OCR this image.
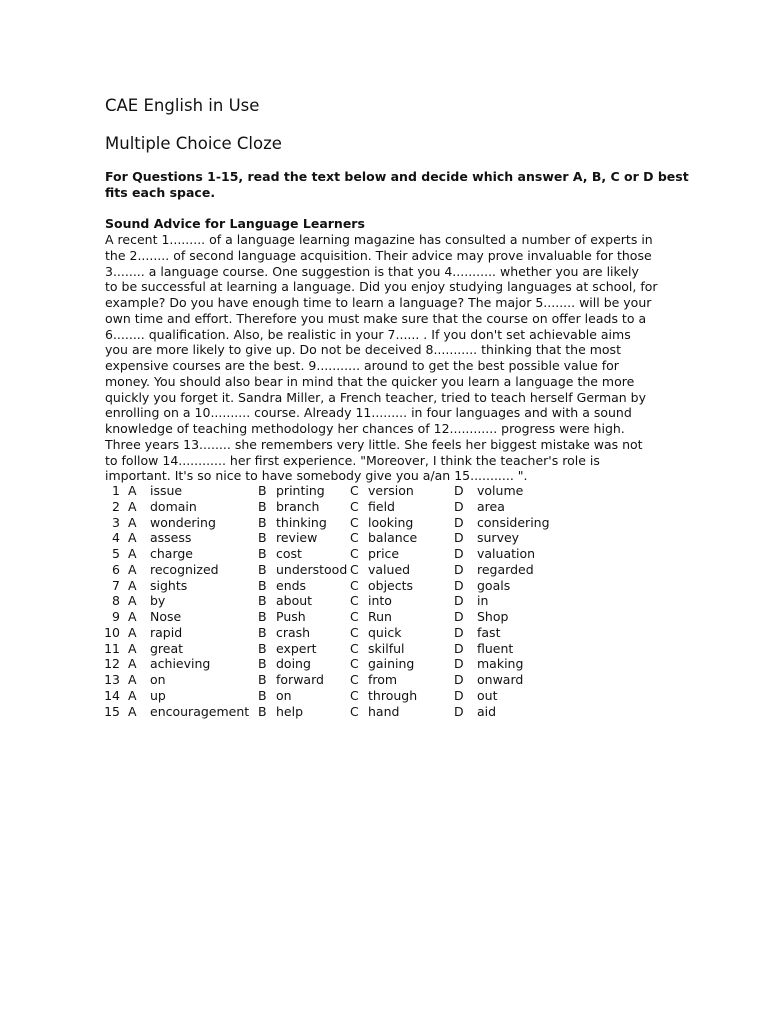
CAE English in Use
Multiple Choice Cloze

For Questions 1-15, read the text below and decide which answer A, B, C or D best fits each space.

Sound Advice for Language Learners

A recent 1......... of a language learning magazine has consulted a number of experts in
the 2........ of second language acquisition. Their advice may prove invaluable for those
3........ a language course. One suggestion is that you 4........... whether you are likely
to be successful at learning a language. Did you enjoy studying languages at school, for
example? Do you have enough time to learn a language? The major 5........ will be your
own time and effort. Therefore you must make sure that the course on offer leads to a
6........ qualification. Also, be realistic in your 7...... . If you don't set achievable aims
you are more likely to give up. Do not be deceived 8........... thinking that the most
expensive courses are the best. 9........... around to get the best possible value for
money. You should also bear in mind that the quicker you learn a language the more
quickly you forget it. Sandra Miller, a French teacher, tried to teach herself German by
enrolling on a 10.......... course. Already 11......... in four languages and with a sound
knowledge of teaching methodology her chances of 12............ progress were high.
Three years 13........ she remembers very little. She feels her biggest mistake was not
to follow 14............ her first experience. "Moreover, I think the teacher's role is
important. It's so nice to have somebody give you a/an 15........... ".
1 A issue	B printing C version	D volume
2 A domain	B branch C field	D area
3 A wondering	B thinking C looking	D considering
4 A assess	B review	C balance	D survey
5 A charge	B cost	C price	D valuation
6 A recognized	B understood C valued	D regarded
7 A sights	B ends	C objects	D goals
8 A by	B about	C into	D in
9 A Nose	B Push	C Run	D Shop
10 A rapid	B crash	C quick	D fast
11 A great	B expert	C skilful	D fluent
12 A achieving	B doing	C gaining	D making
13 A on	B forward C from	D onward
14 A up	B on	C through	D out
15 A encouragement B help	C hand	D aid
